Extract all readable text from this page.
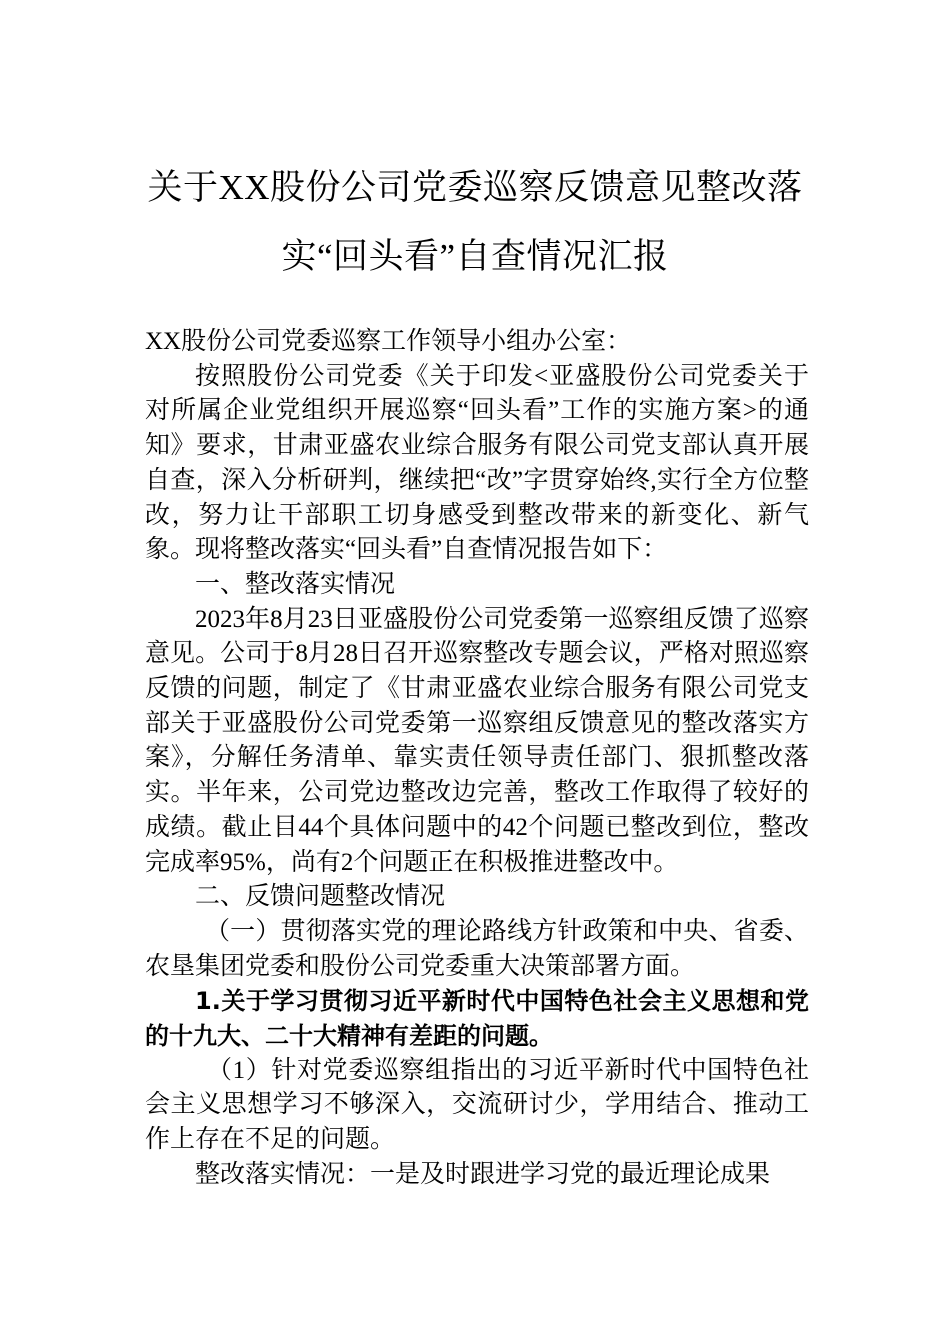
关于XX股份公司党委巡察反馈意见整改落
实“回头看”自查情况汇报

XX股份公司党委巡察工作领导小组办公室：

按照股份公司党委《关于印发<亚盛股份公司党委关于对所属企业党组织开展巡察“回头看”工作的实施方案>的通知》要求，甘肃亚盛农业综合服务有限公司党支部认真开展自查，深入分析研判，继续把“改”字贯穿始终,实行全方位整改，努力让干部职工切身感受到整改带来的新变化、新气象。现将整改落实“回头看”自查情况报告如下：

一、整改落实情况

2023年8月23日亚盛股份公司党委第一巡察组反馈了巡察意见。公司于8月28日召开巡察整改专题会议，严格对照巡察反馈的问题，制定了《甘肃亚盛农业综合服务有限公司党支部关于亚盛股份公司党委第一巡察组反馈意见的整改落实方案》，分解任务清单、靠实责任领导责任部门、狠抓整改落实。半年来，公司党边整改边完善，整改工作取得了较好的成绩。截止目44个具体问题中的42个问题已整改到位，整改完成率95%，尚有2个问题正在积极推进整改中。

二、反馈问题整改情况

（一）贯彻落实党的理论路线方针政策和中央、省委、农垦集团党委和股份公司党委重大决策部署方面。

1.关于学习贯彻习近平新时代中国特色社会主义思想和党的十九大、二十大精神有差距的问题。

（1）针对党委巡察组指出的习近平新时代中国特色社会主义思想学习不够深入，交流研讨少，学用结合、推动工作上存在不足的问题。

整改落实情况：一是及时跟进学习党的最近理论成果
